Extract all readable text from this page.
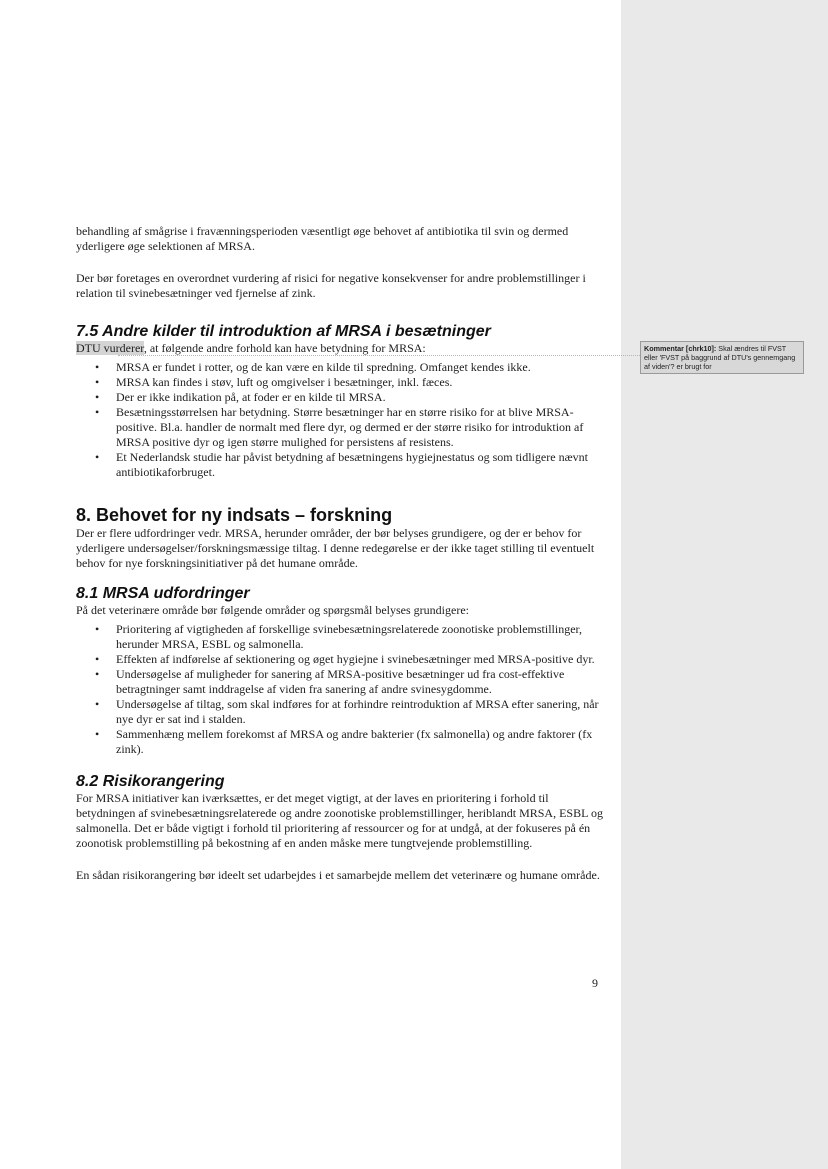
Kommentar [chrk10]: Skal ændres til FVST eller 'FVST på baggrund af DTU's gennemgang af viden'? er brugt for

behandling af smågrise i fravænningsperioden væsentligt øge behovet af antibiotika til svin og dermed yderligere øge selektionen af MRSA.

Der bør foretages en overordnet vurdering af risici for negative konsekvenser for andre problemstillinger i relation til svinebesætninger ved fjernelse af zink.

7.5 Andre kilder til introduktion af MRSA i besætninger

DTU vurderer, at følgende andre forhold kan have betydning for MRSA:

• MRSA er fundet i rotter, og de kan være en kilde til spredning. Omfanget kendes ikke.
• MRSA kan findes i støv, luft og omgivelser i besætninger, inkl. fæces.
• Der er ikke indikation på, at foder er en kilde til MRSA.
• Besætningsstørrelsen har betydning. Større besætninger har en større risiko for at blive MRSA-positive. Bl.a. handler de normalt med flere dyr, og dermed er der større risiko for introduktion af MRSA positive dyr og igen større mulighed for persistens af resistens.
• Et Nederlandsk studie har påvist betydning af besætningens hygiejnestatus og som tidligere nævnt antibiotikaforbruget.
8. Behovet for ny indsats – forskning

Der er flere udfordringer vedr. MRSA, herunder områder, der bør belyses grundigere, og der er behov for yderligere undersøgelser/forskningsmæssige tiltag. I denne redegørelse er der ikke taget stilling til eventuelt behov for nye forskningsinitiativer på det humane område.

8.1 MRSA udfordringer

På det veterinære område bør følgende områder og spørgsmål belyses grundigere:

• Prioritering af vigtigheden af forskellige svinebesætningsrelaterede zoonotiske problemstillinger, herunder MRSA, ESBL og salmonella.
• Effekten af indførelse af sektionering og øget hygiejne i svinebesætninger med MRSA-positive dyr.
• Undersøgelse af muligheder for sanering af MRSA-positive besætninger ud fra cost-effektive betragtninger samt inddragelse af viden fra sanering af andre svinesygdomme.
• Undersøgelse af tiltag, som skal indføres for at forhindre reintroduktion af MRSA efter sanering, når nye dyr er sat ind i stalden.
• Sammenhæng mellem forekomst af MRSA og andre bakterier (fx salmonella) og andre faktorer (fx zink).
8.2 Risikorangering

For MRSA initiativer kan iværksættes, er det meget vigtigt, at der laves en prioritering i forhold til betydningen af svinebesætningsrelaterede og andre zoonotiske problemstillinger, heriblandt MRSA, ESBL og salmonella. Det er både vigtigt i forhold til prioritering af ressourcer og for at undgå, at der fokuseres på én zoonotisk problemstilling på bekostning af en anden måske mere tungtvejende problemstilling.

En sådan risikorangering bør ideelt set udarbejdes i et samarbejde mellem det veterinære og humane område.

9
